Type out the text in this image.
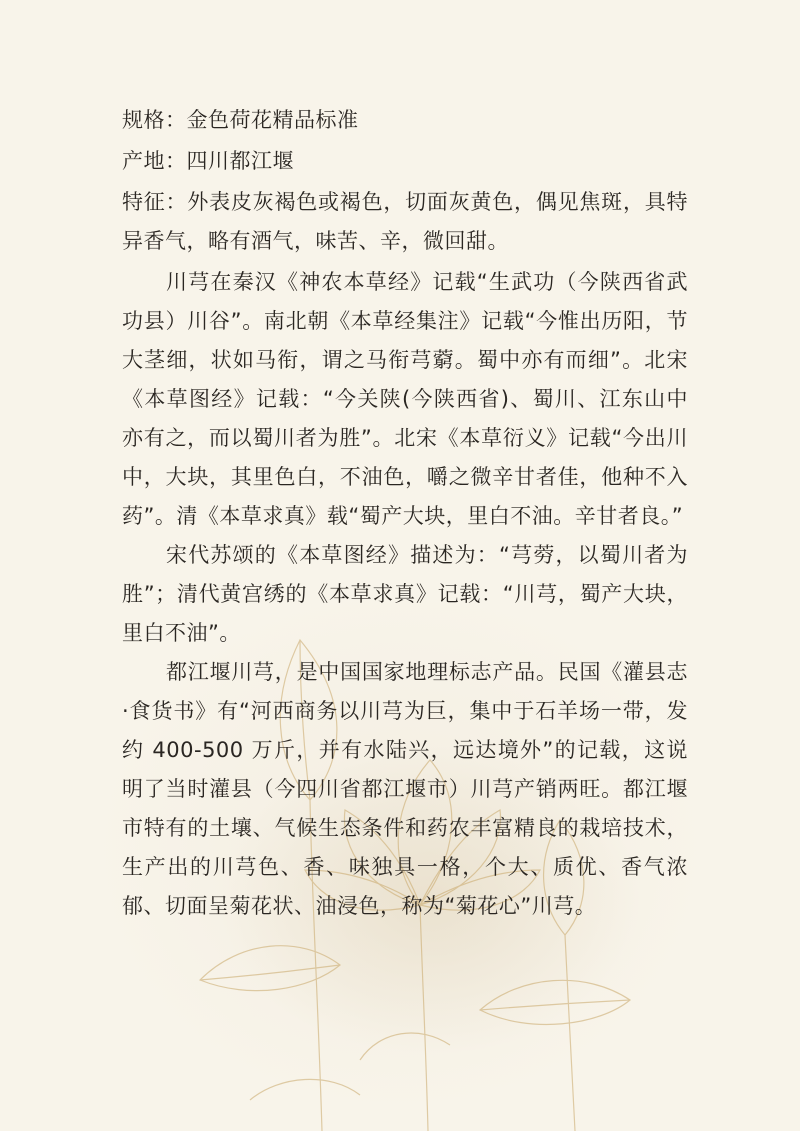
规格：金色荷花精品标准

产地：四川都江堰

特征：外表皮灰褐色或褐色，切面灰黄色，偶见焦斑，具特异香气，略有酒气，味苦、辛，微回甜。

川芎在秦汉《神农本草经》记载“生武功（今陕西省武功县）川谷”。南北朝《本草经集注》记载“今惟出历阳，节大茎细，状如马衔，谓之马衔芎藭。蜀中亦有而细”。北宋《本草图经》记载：“今关陕(今陕西省)、蜀川、江东山中亦有之，而以蜀川者为胜”。北宋《本草衍义》记载“今出川中，大块，其里色白，不油色，嚼之微辛甘者佳，他种不入药”。清《本草求真》载“蜀产大块，里白不油。辛甘者良。”

宋代苏颂的《本草图经》描述为：“芎䓖，以蜀川者为胜”；清代黄宫绣的《本草求真》记载：“川芎，蜀产大块，里白不油”。

都江堰川芎，是中国国家地理标志产品。民国《灌县志·食货书》有“河西商务以川芎为巨，集中于石羊场一带，发约 400-500 万斤，并有水陆兴，远达境外”的记载，这说明了当时灌县（今四川省都江堰市）川芎产销两旺。都江堰市特有的土壤、气候生态条件和药农丰富精良的栽培技术，生产出的川芎色、香、味独具一格，个大、质优、香气浓郁、切面呈菊花状、油浸色，称为“菊花心”川芎。
